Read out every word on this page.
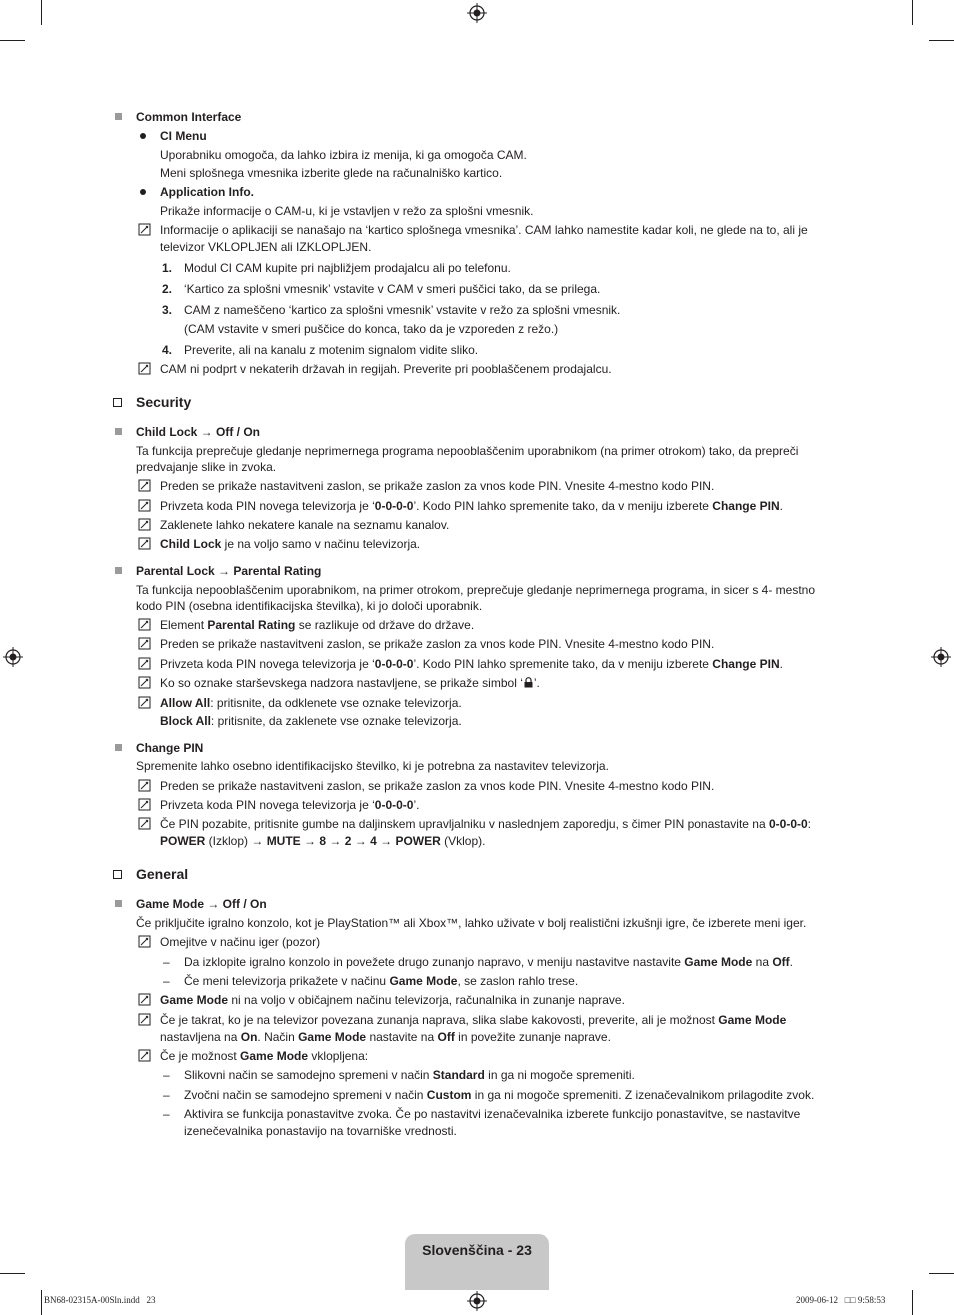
Common Interface
CI Menu
Uporabniku omogoča, da lahko izbira iz menija, ki ga omogoča CAM.
Meni splošnega vmesnika izberite glede na računalniško kartico.
Application Info.
Prikaže informacije o CAM-u, ki je vstavljen v režo za splošni vmesnik.
Informacije o aplikaciji se nanašajo na ‘kartico splošnega vmesnika’. CAM lahko namestite kadar koli, ne glede na to, ali je
televizor VKLOPLJEN ali IZKLOPLJEN.
1. Modul CI CAM kupite pri najbližjem prodajalcu ali po telefonu.
2. ‘Kartico za splošni vmesnik’ vstavite v CAM v smeri puščici tako, da se prilega.
3. CAM z nameščeno ‘kartico za splošni vmesnik’ vstavite v režo za splošni vmesnik.
(CAM vstavite v smeri puščice do konca, tako da je vzporeden z režo.)
4. Preverite, ali na kanalu z motenim signalom vidite sliko.
CAM ni podprt v nekaterih državah in regijah. Preverite pri pooblaščenem prodajalcu.
Security
Child Lock → Off / On
Ta funkcija preprečuje gledanje neprimernega programa nepooblaščenim uporabnikom (na primer otrokom) tako, da prepreči
predvajanje slike in zvoka.
Preden se prikaže nastavitveni zaslon, se prikaže zaslon za vnos kode PIN. Vnesite 4-mestno kodo PIN.
Privzeta koda PIN novega televizorja je ‘0-0-0-0’. Kodo PIN lahko spremenite tako, da v meniju izberete Change PIN.
Zaklenete lahko nekatere kanale na seznamu kanalov.
Child Lock je na voljo samo v načinu televizorja.
Parental Lock → Parental Rating
Ta funkcija nepooblaščenim uporabnikom, na primer otrokom, preprečuje gledanje neprimernega programa, in sicer s 4- mestno
kodo PIN (osebna identifikacijska številka), ki jo določi uporabnik.
Element Parental Rating se razlikuje od države do države.
Preden se prikaže nastavitveni zaslon, se prikaže zaslon za vnos kode PIN. Vnesite 4-mestno kodo PIN.
Privzeta koda PIN novega televizorja je ‘0-0-0-0’. Kodo PIN lahko spremenite tako, da v meniju izberete Change PIN.
Ko so oznake starševskega nadzora nastavljene, se prikaže simbol ‘ ’.
Allow All: pritisnite, da odklenete vse oznake televizorja.
Block All: pritisnite, da zaklenete vse oznake televizorja.
Change PIN
Spremenite lahko osebno identifikacijsko številko, ki je potrebna za nastavitev televizorja.
Preden se prikaže nastavitveni zaslon, se prikaže zaslon za vnos kode PIN. Vnesite 4-mestno kodo PIN.
Privzeta koda PIN novega televizorja je ‘0-0-0-0’.
Če PIN pozabite, pritisnite gumbe na daljinskem upravljalniku v naslednjem zaporedju, s čimer PIN ponastavite na 0-0-0-0:
POWER (Izklop) → MUTE → 8 → 2 → 4 → POWER (Vklop).
General
Game Mode → Off / On
Če priključite igralno konzolo, kot je PlayStation™ ali Xbox™, lahko uživate v bolj realistični izkušnji igre, če izberete meni iger.
Omejitve v načinu iger (pozor)
– Da izklopite igralno konzolo in povežete drugo zunanjo napravo, v meniju nastavitve nastavite Game Mode na Off.
– Če meni televizorja prikažete v načinu Game Mode, se zaslon rahlo trese.
Game Mode ni na voljo v običajnem načinu televizorja, računalnika in zunanje naprave.
Če je takrat, ko je na televizor povezana zunanja naprava, slika slabe kakovosti, preverite, ali je možnost Game Mode
nastavljena na On. Način Game Mode nastavite na Off in povežite zunanje naprave.
Če je možnost Game Mode vklopljena:
– Slikovni način se samodejno spremeni v način Standard in ga ni mogoče spremeniti.
– Zvočni način se samodejno spremeni v način Custom in ga ni mogoče spremeniti. Z izenačevalnikom prilagodite zvok.
– Aktivira se funkcija ponastavitve zvoka. Če po nastavitvi izenačevalnika izberete funkcijo ponastavitve, se nastavitve
izenečevalnika ponastavijo na tovarniške vrednosti.
Slovenščina - 23
BN68-02315A-00Sln.indd   23	2009-06-12   □□ 9:58:53
